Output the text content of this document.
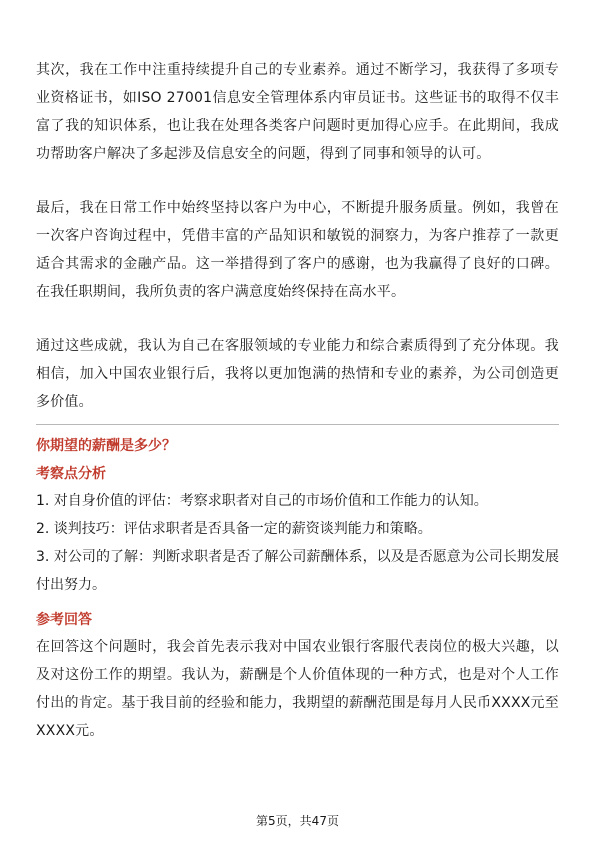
其次，我在工作中注重持续提升自己的专业素养。通过不断学习，我获得了多项专业资格证书，如ISO 27001信息安全管理体系内审员证书。这些证书的取得不仅丰富了我的知识体系，也让我在处理各类客户问题时更加得心应手。在此期间，我成功帮助客户解决了多起涉及信息安全的问题，得到了同事和领导的认可。

最后，我在日常工作中始终坚持以客户为中心，不断提升服务质量。例如，我曾在一次客户咨询过程中，凭借丰富的产品知识和敏锐的洞察力，为客户推荐了一款更适合其需求的金融产品。这一举措得到了客户的感谢，也为我赢得了良好的口碑。在我任职期间，我所负责的客户满意度始终保持在高水平。

通过这些成就，我认为自己在客服领域的专业能力和综合素质得到了充分体现。我相信，加入中国农业银行后，我将以更加饱满的热情和专业的素养，为公司创造更多价值。

你期望的薪酬是多少？

考察点分析

1. 对自身价值的评估：考察求职者对自己的市场价值和工作能力的认知。

2. 谈判技巧：评估求职者是否具备一定的薪资谈判能力和策略。

3. 对公司的了解：判断求职者是否了解公司薪酬体系，以及是否愿意为公司长期发展付出努力。

参考回答

在回答这个问题时，我会首先表示我对中国农业银行客服代表岗位的极大兴趣，以及对这份工作的期望。我认为，薪酬是个人价值体现的一种方式，也是对个人工作付出的肯定。基于我目前的经验和能力，我期望的薪酬范围是每月人民币XXXX元至XXXX元。

第5页，共47页
